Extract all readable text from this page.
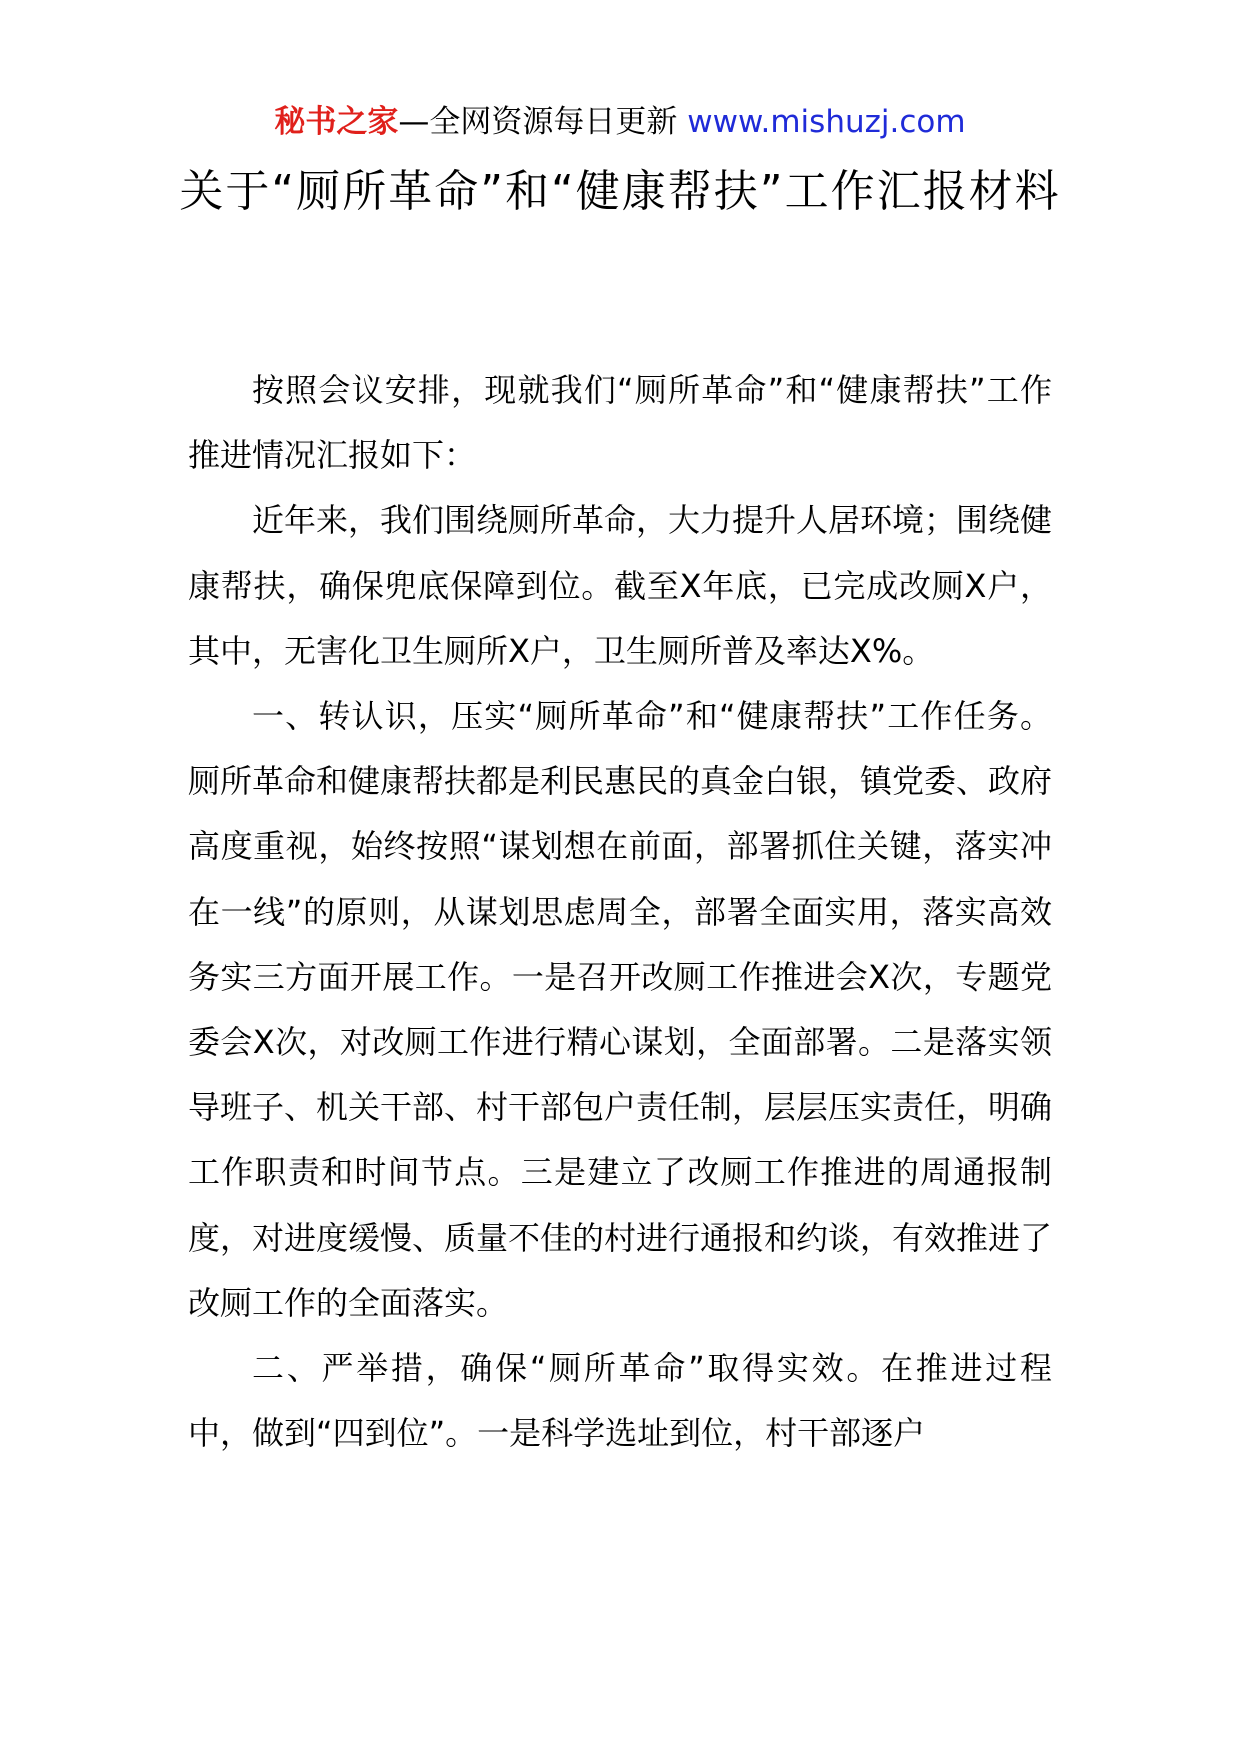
秘书之家—全网资源每日更新 www.mishuzj.com
关于“厕所革命”和“健康帮扶”工作汇报材料

按照会议安排，现就我们“厕所革命”和“健康帮扶”工作推进情况汇报如下：

近年来，我们围绕厕所革命，大力提升人居环境；围绕健康帮扶，确保兜底保障到位。截至X年底，已完成改厕X户，其中，无害化卫生厕所X户，卫生厕所普及率达X%。

一、转认识，压实“厕所革命”和“健康帮扶”工作任务。厕所革命和健康帮扶都是利民惠民的真金白银，镇党委、政府高度重视，始终按照“谋划想在前面，部署抓住关键，落实冲在一线”的原则，从谋划思虑周全，部署全面实用，落实高效务实三方面开展工作。一是召开改厕工作推进会X次，专题党委会X次，对改厕工作进行精心谋划，全面部署。二是落实领导班子、机关干部、村干部包户责任制，层层压实责任，明确工作职责和时间节点。三是建立了改厕工作推进的周通报制度，对进度缓慢、质量不佳的村进行通报和约谈，有效推进了改厕工作的全面落实。

二、严举措，确保“厕所革命”取得实效。在推进过程中，做到“四到位”。一是科学选址到位，村干部逐户
